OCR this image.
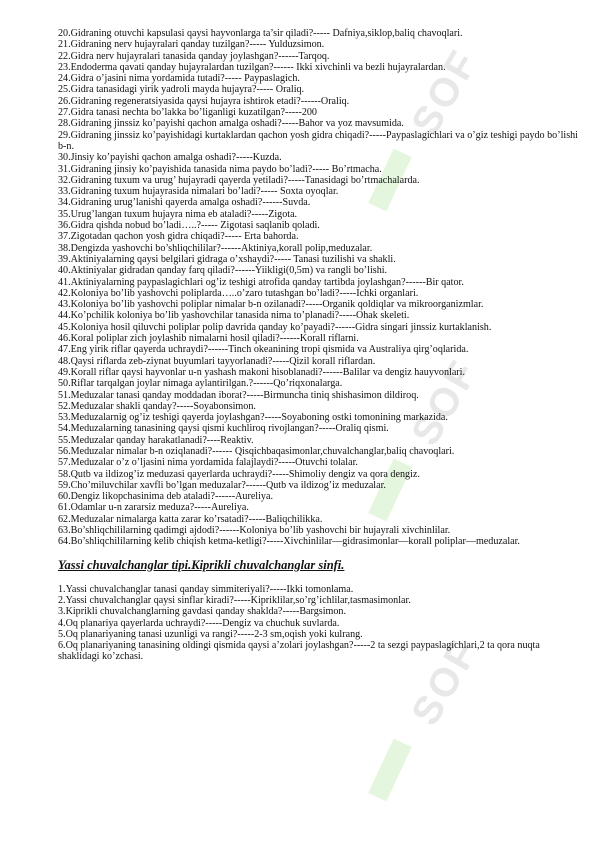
SOF
SOF
SOF

20.Gidraning otuvchi kapsulasi qaysi hayvonlarga ta’sir qiladi?----- Dafniya,siklop,baliq chavoqlari.

21.Gidraning nerv hujayralari qanday tuzilgan?----- Yulduzsimon.

22.Gidra nerv hujayralari tanasida qanday joylashgan?------Tarqoq.

23.Endoderma qavati qanday hujayralardan tuzilgan?------ Ikki xivchinli va bezli hujayralardan.

24.Gidra o’jasini nima yordamida tutadi?----- Paypaslagich.

25.Gidra tanasidagi yirik yadroli mayda hujayra?----- Oraliq.

26.Gidraning regeneratsiyasida qaysi hujayra ishtirok etadi?------Oraliq.

27.Gidra tanasi nechta bo’lakka bo’liganligi kuzatilgan?-----200

28.Gidraning jinssiz ko’payishi qachon amalga oshadi?-----Bahor va yoz mavsumida.

29.Gidraning jinssiz ko’payishidagi kurtaklardan qachon yosh gidra chiqadi?-----Paypaslagichlari va o’giz teshigi paydo bo’lishi b-n.

30.Jinsiy ko’payishi qachon amalga oshadi?-----Kuzda.

31.Gidraning jinsiy ko’payishida tanasida nima paydo bo’ladi?----- Bo’rtmacha.

32.Gidraning tuxum va urug’ hujayradi qayerda yetiladi?-----Tanasidagi bo’rtmachalarda.

33.Gidraning tuxum hujayrasida nimalari bo’ladi?----- Soxta oyoqlar.

34.Gidraning urug’lanishi qayerda amalga oshadi?------Suvda.

35.Urug’langan tuxum hujayra nima eb ataladi?-----Zigota.

36.Gidra qishda nobud bo’ladi…..?----- Zigotasi saqlanib qoladi.

37.Zigotadan qachon yosh gidra chiqadi?----- Erta bahorda.

38.Dengizda yashovchi bo’shliqchililar?------Aktiniya,korall polip,meduzalar.

39.Aktiniyalarning qaysi belgilari gidraga o’xshaydi?----- Tanasi tuzilishi va shakli.

40.Aktiniyalar gidradan qanday farq qiladi?------Yiikligi(0,5m) va rangli bo’lishi.

41.Aktiniyalarning paypaslagichlari og’iz teshigi atrofida qanday tartibda joylashgan?------Bir qator.

42.Koloniya bo’lib yashovchi poliplarda…..o’zaro tutashgan bo’ladi?-----Ichki organlari.

43.Koloniya bo’lib yashovchi poliplar nimalar b-n ozilanadi?-----Organik qoldiqlar va mikroorganizmlar.

44.Ko’pchilik koloniya bo’lib yashovchilar tanasida nima to’planadi?-----Ohak skeleti.

45.Koloniya hosil qiluvchi poliplar polip davrida qanday ko’payadi?------Gidra singari jinssiz kurtaklanish.

46.Koral poliplar zich joylashib nimalarni hosil qiladi?------Korall riflarni.

47.Eng yirik riflar qayerda uchraydi?------Tinch okeanining tropi qismida va Australiya qirg’oqlarida.

48.Qaysi riflarda zeb-ziynat buyumlari tayyorlanadi?-----Qizil korall riflardan.

49.Korall riflar qaysi hayvonlar u-n yashash makoni hisoblanadi?------Balilar va dengiz hauyvonlari.

50.Riflar tarqalgan joylar nimaga aylantirilgan.?------Qo’riqxonalarga.

51.Meduzalar tanasi qanday moddadan iborat?-----Birmuncha tiniq shishasimon dildiroq.

52.Meduzalar shakli qanday?-----Soyabonsimon.

53.Meduzalarnig og’iz teshigi qayerda joylashgan?-----Soyaboning ostki tomonining markazida.

54.Meduzalarning tanasining qaysi qismi kuchliroq rivojlangan?-----Oraliq qismi.

55.Meduzalar qanday harakatlanadi?----Reaktiv.

56.Meduzalar nimalar b-n oziqlanadi?------ Qisqichbaqasimonlar,chuvalchanglar,baliq chavoqlari.

57.Meduzalar o’z o’ljasini nima yordamida falajlaydi?-----Otuvchi tolalar.

58.Qutb va ildizog’iz meduzasi qayerlarda uchraydi?-----Shimoliy dengiz va qora dengiz.

59.Cho’miluvchilar xavfli bo’lgan meduzalar?------Qutb va ildizog’iz meduzalar.

60.Dengiz likopchasinima deb ataladi?------Aureliya.

61.Odamlar u-n zararsiz meduza?-----Aureliya.

62.Meduzalar nimalarga katta zarar ko’rsatadi?-----Baliqchilikka.

63.Bo’shliqchililarning qadimgi ajdodi?------Koloniya bo’lib yashovchi bir hujayrali xivchinlilar.

64.Bo’shliqchililarning kelib chiqish ketma-ketligi?-----Xivchinlilar—gidrasimonlar—korall poliplar—meduzalar.

Yassi chuvalchanglar tipi.Kiprikli chuvalchanglar sinfi.

1.Yassi chuvalchanglar tanasi qanday simmiteriyali?-----Ikki tomonlama.

2.Yassi chuvalchanglar qaysi sinflar kiradi?-----Kipriklilar,so’rg’ichlilar,tasmasimonlar.

3.Kiprikli chuvalchanglarning gavdasi qanday shaklda?-----Bargsimon.

4.Oq planariya qayerlarda uchraydi?-----Dengiz va chuchuk suvlarda.

5.Oq planariyaning tanasi uzunligi va rangi?-----2-3 sm,oqish yoki kulrang.

6.Oq planariyaning tanasining oldingi qismida qaysi a’zolari joylashgan?-----2 ta sezgi paypaslagichlari,2 ta qora nuqta shaklidagi ko’zchasi.
